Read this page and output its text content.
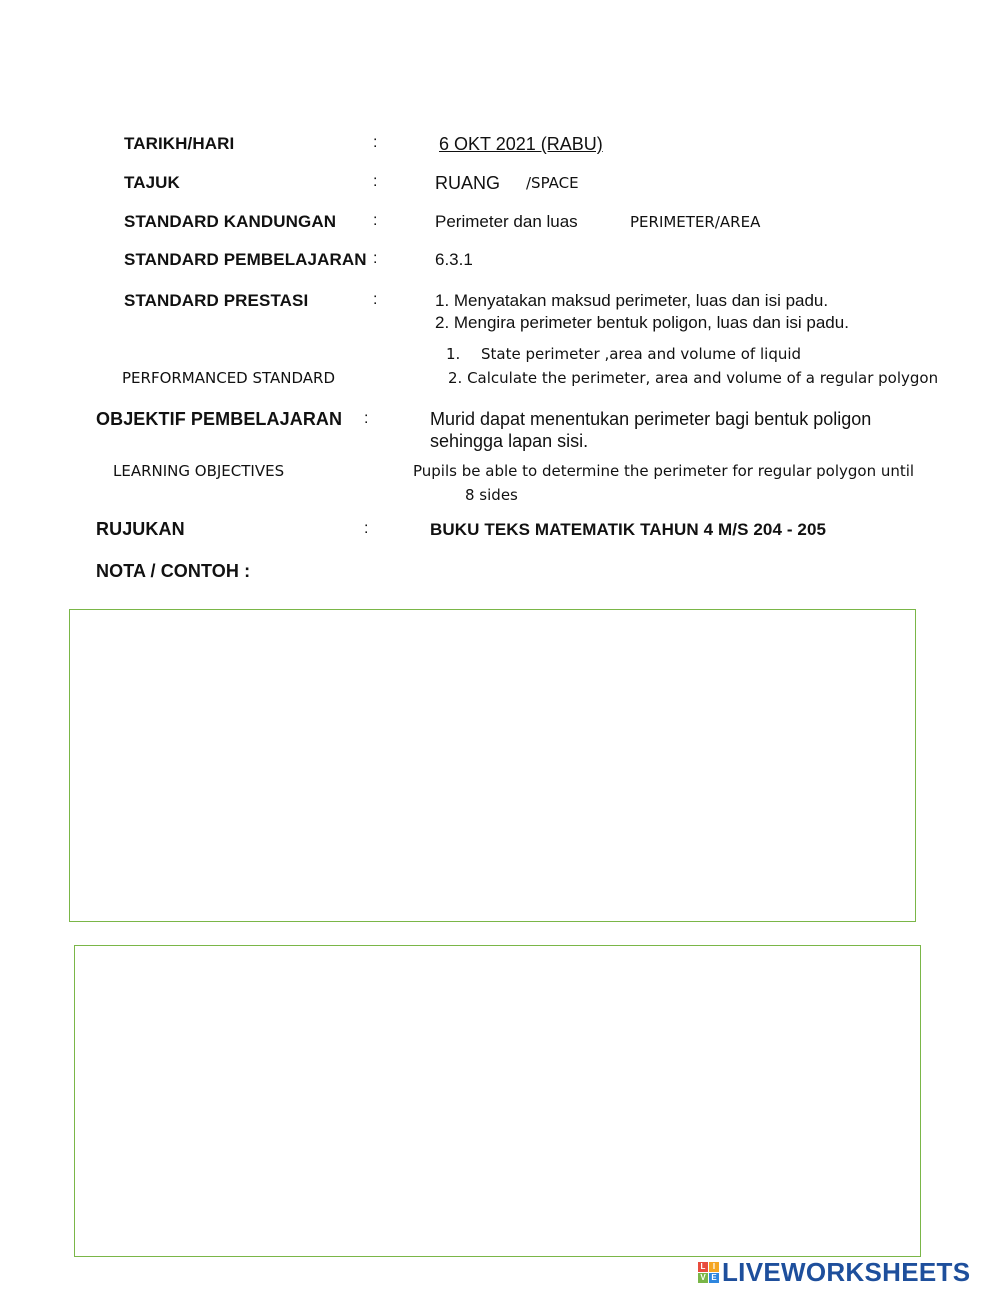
TARIKH/HARI	:	6 OKT 2021 (RABU)
TAJUK	:	RUANG /SPACE
STANDARD KANDUNGAN :	Perimeter dan luas	PERIMETER/AREA
STANDARD PEMBELAJARAN :	6.3.1
STANDARD PRESTASI	:	1. Menyatakan maksud perimeter, luas dan isi padu.
2. Mengira perimeter bentuk poligon, luas dan isi padu.
1. State perimeter ,area and volume of liquid
PERFORMANCED STANDARD	2. Calculate the perimeter, area and volume of a regular polygon
OBJEKTIF PEMBELAJARAN :	Murid dapat menentukan perimeter bagi bentuk poligon
sehingga lapan sisi.
LEARNING OBJECTIVES	Pupils be able to determine the perimeter for regular polygon until
8 sides
RUJUKAN	:	BUKU TEKS MATEMATIK TAHUN 4 M/S 204 - 205
NOTA / CONTOH :
L I
V E LIVEWORKSHEETS
